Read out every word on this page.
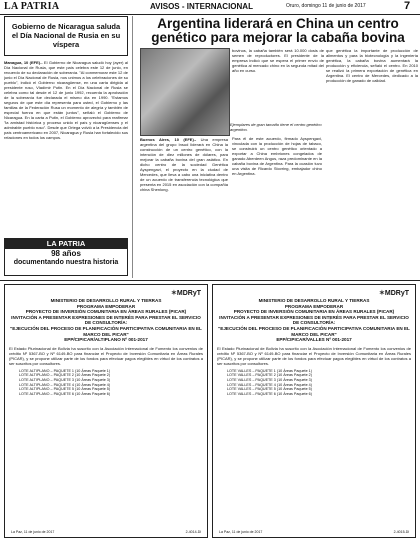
LA PATRIA	AVISOS - INTERNACIONAL	Oruro, domingo 11 de junio de 2017	7
Gobierno de Nicaragua saluda el Día Nacional de Rusia en su víspera
Managua, 10 (EFE).- El Gobierno de Nicaragua saludó hoy (ayer) al Día Nacional de Rusia, que este país celebra este 12 de junio, en recuerdo de su declaración de soberanía. "Al conmemorar este 12 de junio el Día Nacional de Rusia, nos unimos a los celebraciones de su pueblo", indicó el Gobierno nicaragüense, en una carta dirigida al presidente ruso, Vladímir Putin. En el Día Nacional de Rusia se celebra como tal desde el 12 de junio 1992, recuerda la aprobación de la soberanía fue declarada el mismo día en 1990. "Estamos seguros de que este día representa para usted, el Gobierno y las familias de la Federación Rusa un momento de alegría y también de especial fuerza en que están juntos", señaló el Gobierno de Nicaragua. En la carta a Putin, el Gobierno aprovechó para reafirmar "la amistad histórica y proceso unido el país y nicaragüenses y el admirable pueblo ruso". Desde que Ortega volvió a la Presidencia del país centroamericano en 2007, Nicaragua y Rusia han fortalecido sus relaciones en todos los campos.
LA PATRIA
98 años
documentando nuestra historia
Argentina liderará en China un centro genético para mejorar la cabaña bovina
Buenos Aires, 10 (EFE).- Una empresa argentina del grupo Insud liderará en China la construcción de un centro genético, con la intención de diez millones de dólares, para mejorar la cabaña bovina del gran asiático. En dicho centro de la sociedad Genética Ayspengavi, el proyecto en la ciudad de Mercedes, que lleva a cabo una iniciativa dentro de un acuerdo de transferencia tecnológica que presenta en 2015 en asociación con la compañía china Shenlong.
bovinos, la cabaña también será 10.000 dosis de semen de reproductores. El presidente de la empresa indicó que se espera el primer envío de genética al mercado chino en la segunda mitad del año en curso.
Ejemplares de gran tamaño tiene el centro genético argentino.
Para él de este acuerdo, firmado Ayspengavi, vinculada con la producción de hojas de tabaco, se construirá un centro genético orientado a exportar a China embriones congelados de ganado Aberdeen Angus, raza predominante en la cabaña bovina de Argentina. Para la ocasión tuvo una visita de Ricardo Stovring, embajador chino en Argentina.
que genética la importante de producción de alimentos y para la biotecnología y la ingeniería genética, la cabaña bovina aumentará la producción y eficiencia, señaló el centro. En 2010 se realizó la primera exportación de genética en Argentina. El centro de Mercedes, dedicado a la producción de ganado de calidad.
✶MDRyT
MINISTERIO DE DESARROLLO RURAL Y TIERRAS
PROGRAMA EMPODERAR
PROYECTO DE INVERSIÓN COMUNITARIA EN ÁREAS RURALES (PICAR)
INVITACIÓN A PRESENTAR EXPRESIONES DE INTERÉS PARA PRESTAR EL SERVICIO DE CONSULTORÍA:
"EJECUCIÓN DEL PROCESO DE PLANIFICACIÓN PARTICIPATIVA COMUNITARIA EN EL MARCO DEL PICAR"
EPP/CIPICAR/ALTIPLANO Nº 001-2017
El Estado Plurinacional de Bolivia ha suscrito con la Asociación Internacional de Fomento los convenios de crédito Nº 5367-BO y Nº 6149-BO para financiar el Proyecto de Inversión Comunitaria en Áreas Rurales (PICAR), y se propone utilizar parte de los fondos para efectuar pagos elegibles en virtud de los contratos a ser suscritos por consultores.
LOTE ALTIPLANO – PAQUETE 1 (10 Áreas Paquete 1)
LOTE ALTIPLANO – PAQUETE 2 (10 Áreas Paquete 2)
LOTE ALTIPLANO – PAQUETE 3 (10 Áreas Paquete 3)
LOTE ALTIPLANO – PAQUETE 4 (10 Áreas Paquete 4)
LOTE ALTIPLANO – PAQUETE 5 (10 Áreas Paquete 5)
LOTE ALTIPLANO – PAQUETE 6 (10 Áreas Paquete 6)
La Paz, 11 de junio de 2017	2-4014-Dl
✶MDRyT
MINISTERIO DE DESARROLLO RURAL Y TIERRAS
PROGRAMA EMPODERAR
PROYECTO DE INVERSIÓN COMUNITARIA EN ÁREAS RURALES (PICAR)
INVITACIÓN A PRESENTAR EXPRESIONES DE INTERÉS PARA PRESTAR EL SERVICIO DE CONSULTORÍA:
"EJECUCIÓN DEL PROCESO DE PLANIFICACIÓN PARTICIPATIVA COMUNITARIA EN EL MARCO DEL PICAR"
EPP/CIPICAR/VALLES Nº 001-2017
El Estado Plurinacional de Bolivia ha suscrito con la Asociación Internacional de Fomento los convenios de crédito Nº 5367-BO y Nº 6149-BO para financiar el Proyecto de Inversión Comunitaria en Áreas Rurales (PICAR), y se propone utilizar parte de los fondos para efectuar pagos elegibles en virtud de los contratos a ser suscritos por consultores.
LOTE VALLES – PAQUETE 1 (10 Áreas Paquete 1)
LOTE VALLES – PAQUETE 2 (10 Áreas Paquete 2)
LOTE VALLES – PAQUETE 3 (10 Áreas Paquete 3)
LOTE VALLES – PAQUETE 4 (10 Áreas Paquete 4)
LOTE VALLES – PAQUETE 5 (10 Áreas Paquete 5)
LOTE VALLES – PAQUETE 6 (10 Áreas Paquete 6)
La Paz, 11 de junio de 2017	2-4015-Dl
